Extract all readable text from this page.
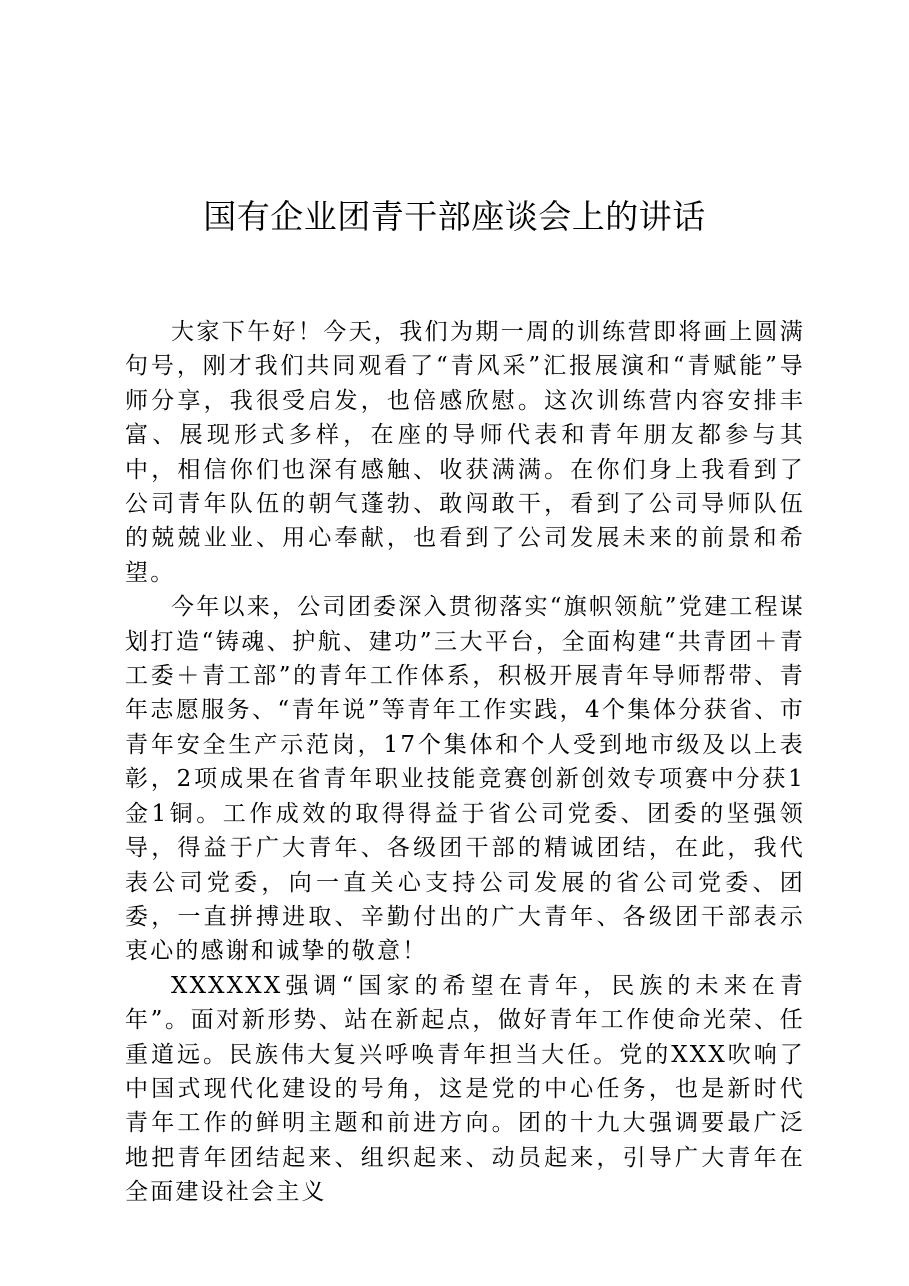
国有企业团青干部座谈会上的讲话

大家下午好！今天，我们为期一周的训练营即将画上圆满句号，刚才我们共同观看了“青风采”汇报展演和“青赋能”导师分享，我很受启发，也倍感欣慰。这次训练营内容安排丰富、展现形式多样，在座的导师代表和青年朋友都参与其中，相信你们也深有感触、收获满满。在你们身上我看到了公司青年队伍的朝气蓬勃、敢闯敢干，看到了公司导师队伍的兢兢业业、用心奉献，也看到了公司发展未来的前景和希望。

今年以来，公司团委深入贯彻落实“旗帜领航”党建工程谋划打造“铸魂、护航、建功”三大平台，全面构建“共青团＋青工委＋青工部”的青年工作体系，积极开展青年导师帮带、青年志愿服务、“青年说”等青年工作实践，4个集体分获省、市青年安全生产示范岗，17个集体和个人受到地市级及以上表彰，2项成果在省青年职业技能竞赛创新创效专项赛中分获1金1铜。工作成效的取得得益于省公司党委、团委的坚强领导，得益于广大青年、各级团干部的精诚团结，在此，我代表公司党委，向一直关心支持公司发展的省公司党委、团委，一直拼搏进取、辛勤付出的广大青年、各级团干部表示衷心的感谢和诚挚的敬意！

XXXXXX强调“国家的希望在青年，民族的未来在青年”。面对新形势、站在新起点，做好青年工作使命光荣、任重道远。民族伟大复兴呼唤青年担当大任。党的XXX吹响了中国式现代化建设的号角，这是党的中心任务，也是新时代青年工作的鲜明主题和前进方向。团的十九大强调要最广泛地把青年团结起来、组织起来、动员起来，引导广大青年在全面建设社会主义
